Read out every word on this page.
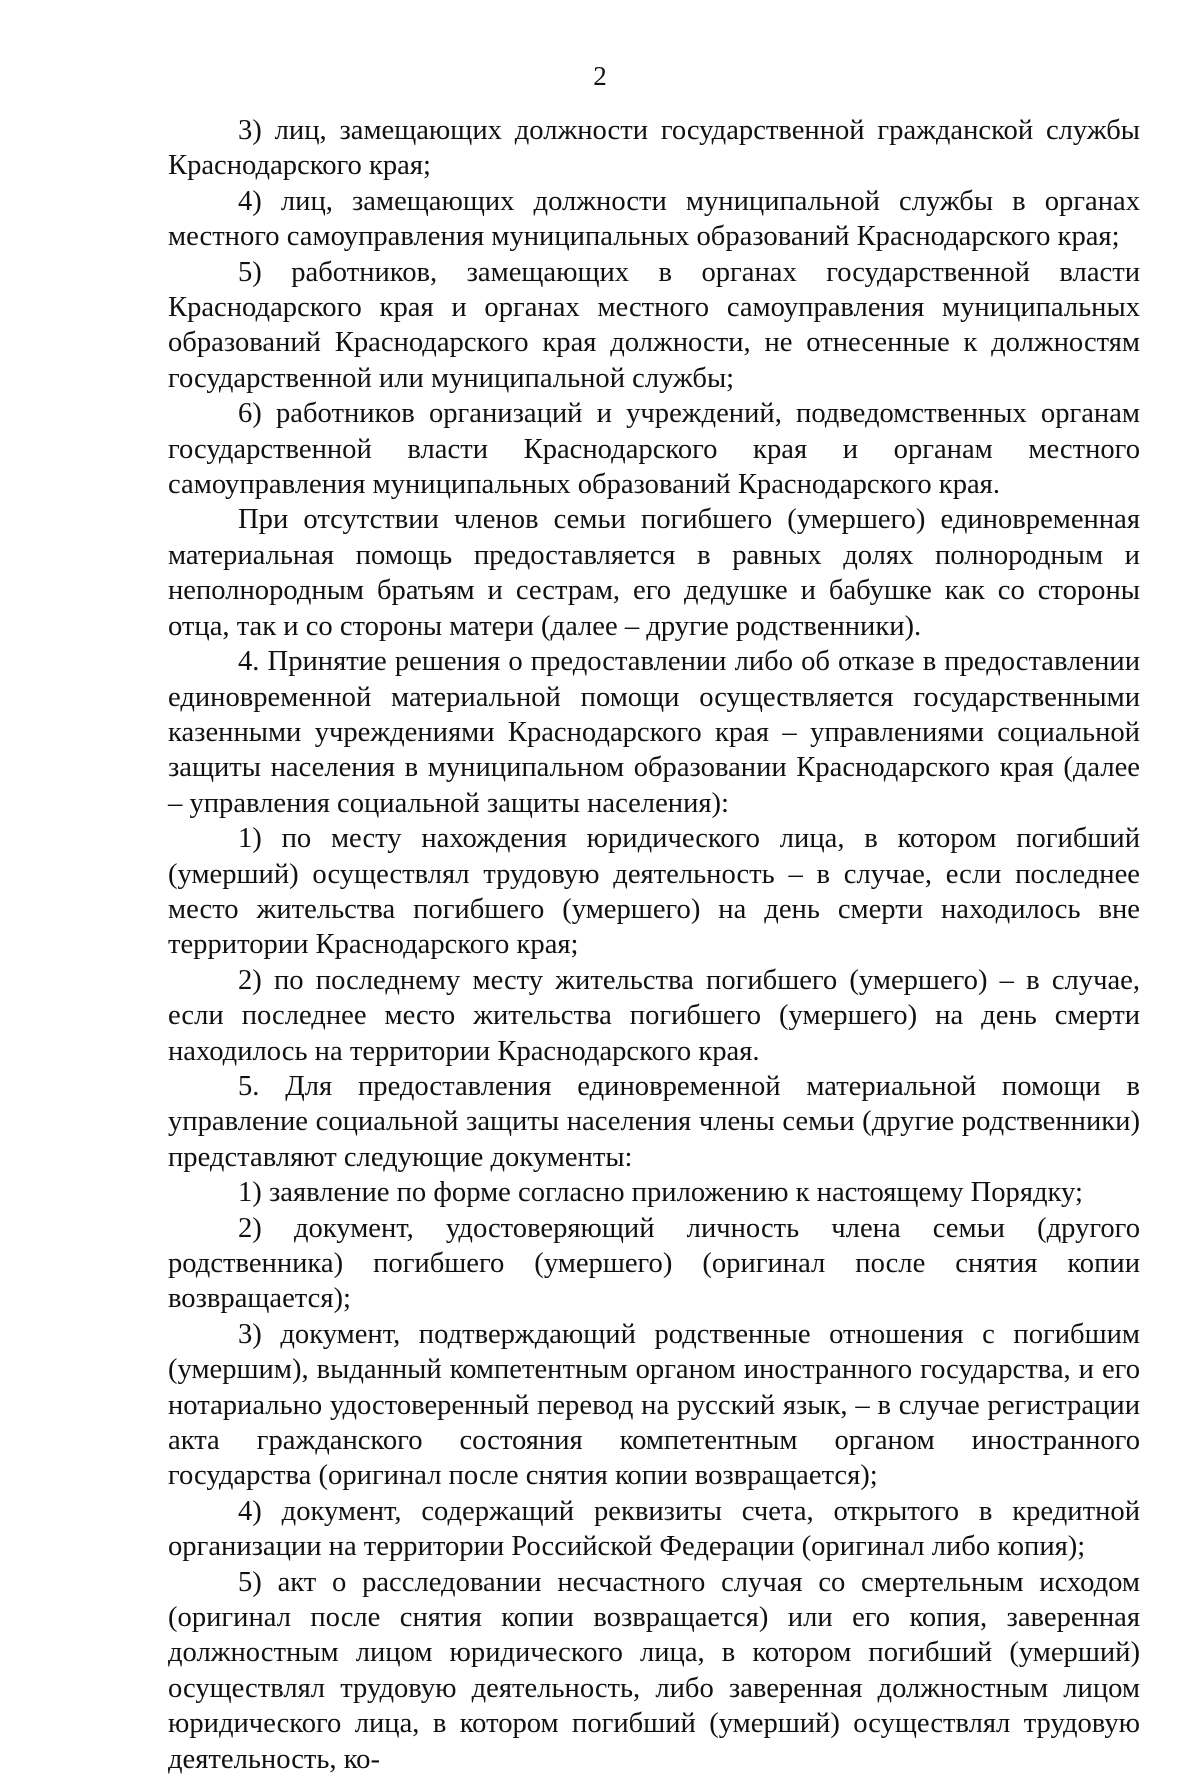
2

3) лиц, замещающих должности государственной гражданской службы Краснодарского края;

4) лиц, замещающих должности муниципальной службы в органах местного самоуправления муниципальных образований Краснодарского края;

5) работников, замещающих в органах государственной власти Краснодарского края и органах местного самоуправления муниципальных образований Краснодарского края должности, не отнесенные к должностям государственной или муниципальной службы;

6) работников организаций и учреждений, подведомственных органам государственной власти Краснодарского края и органам местного самоуправления муниципальных образований Краснодарского края.

При отсутствии членов семьи погибшего (умершего) единовременная материальная помощь предоставляется в равных долях полнородным и неполнородным братьям и сестрам, его дедушке и бабушке как со стороны отца, так и со стороны матери (далее – другие родственники).

4. Принятие решения о предоставлении либо об отказе в предоставлении единовременной материальной помощи осуществляется государственными казенными учреждениями Краснодарского края – управлениями социальной защиты населения в муниципальном образовании Краснодарского края (далее – управления социальной защиты населения):

1) по месту нахождения юридического лица, в котором погибший (умерший) осуществлял трудовую деятельность – в случае, если последнее место жительства погибшего (умершего) на день смерти находилось вне территории Краснодарского края;

2) по последнему месту жительства погибшего (умершего) – в случае, если последнее место жительства погибшего (умершего) на день смерти находилось на территории Краснодарского края.

5. Для предоставления единовременной материальной помощи в управление социальной защиты населения члены семьи (другие родственники) представляют следующие документы:

1) заявление по форме согласно приложению к настоящему Порядку;

2) документ, удостоверяющий личность члена семьи (другого родственника) погибшего (умершего) (оригинал после снятия копии возвращается);

3) документ, подтверждающий родственные отношения с погибшим (умершим), выданный компетентным органом иностранного государства, и его нотариально удостоверенный перевод на русский язык, – в случае регистрации акта гражданского состояния компетентным органом иностранного государства (оригинал после снятия копии возвращается);

4) документ, содержащий реквизиты счета, открытого в кредитной организации на территории Российской Федерации (оригинал либо копия);

5) акт о расследовании несчастного случая со смертельным исходом (оригинал после снятия копии возвращается) или его копия, заверенная должностным лицом юридического лица, в котором погибший (умерший) осуществлял трудовую деятельность, либо заверенная должностным лицом юридического лица, в котором погибший (умерший) осуществлял трудовую деятельность, ко-
